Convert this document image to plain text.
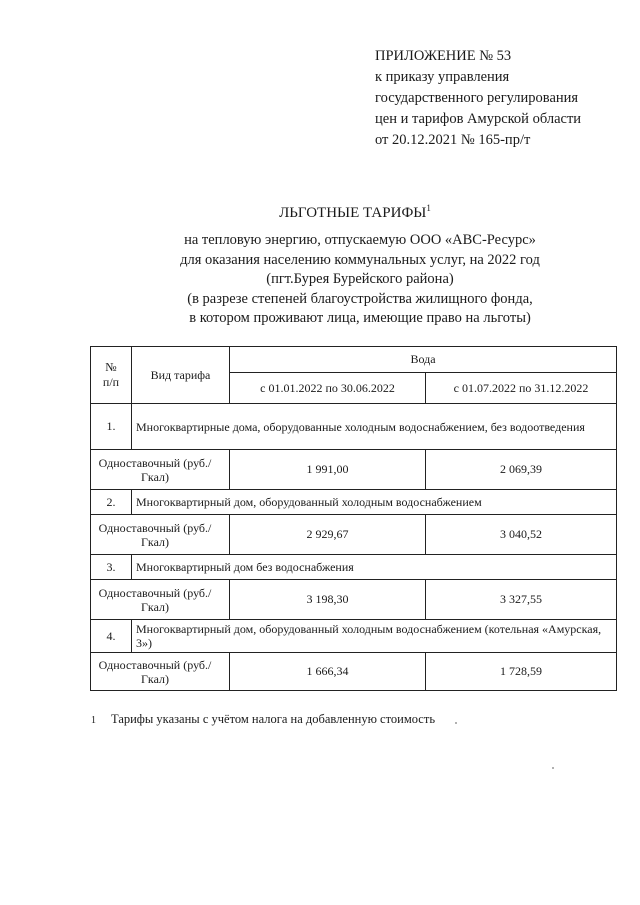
ПРИЛОЖЕНИЕ № 53
к приказу управления
государственного регулирования
цен и тарифов Амурской области
от 20.12.2021 № 165-пр/т
ЛЬГОТНЫЕ ТАРИФЫ$^1$
на тепловую энергию, отпускаемую ООО «АВС-Ресурс»
для оказания населению коммунальных услуг, на 2022 год
(пгт.Бурея Бурейского района)
(в разрезе степеней благоустройства жилищного фонда,
в котором проживают лица, имеющие право на льготы)
№ п/п	Вид тарифа	Вода	
		с 01.01.2022 по 30.06.2022	с 01.07.2022 по 31.12.2022
1.	Многоквартирные дома, оборудованные холодным водоснабжением, без водоотведения		
Одноставочный (руб./Гкал)		1 991,00	2 069,39
2.	Многоквартирный дом, оборудованный холодным водоснабжением		
Одноставочный (руб./Гкал)		2 929,67	3 040,52
3.	Многоквартирный дом без водоснабжения		
Одноставочный (руб./Гкал)		3 198,30	3 327,55
4.	Многоквартирный дом, оборудованный холодным водоснабжением (котельная «Амурская, 3»)		
Одноставочный (руб./Гкал)		1 666,34	1 728,59
1 Тарифы указаны с учётом налога на добавленную стоимость
